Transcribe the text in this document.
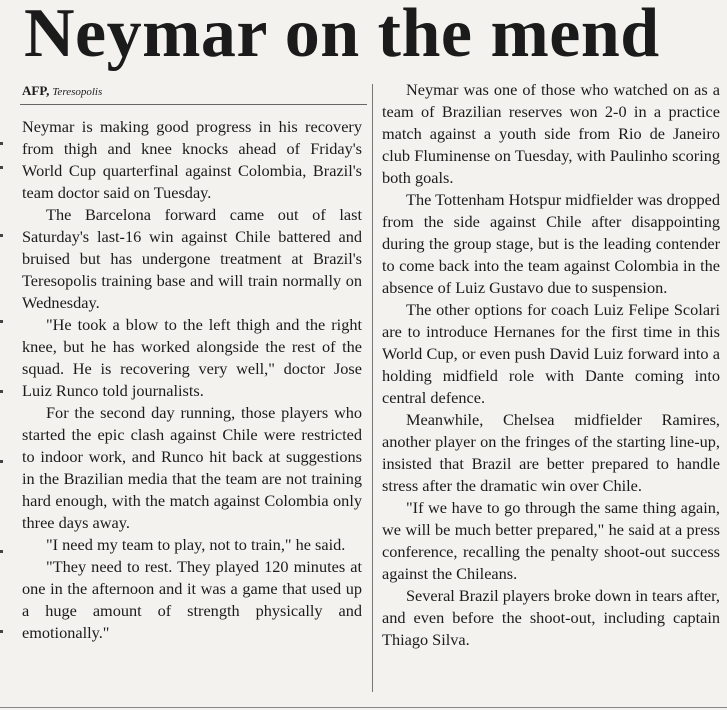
Neymar on the mend
AFP, Teresopolis

Neymar is making good progress in his recovery from thigh and knee knocks ahead of Friday's World Cup quarterfinal against Colombia, Brazil's team doctor said on Tuesday.

The Barcelona forward came out of last Saturday's last-16 win against Chile battered and bruised but has undergone treatment at Brazil's Teresopolis training base and will train normally on Wednesday.

"He took a blow to the left thigh and the right knee, but he has worked alongside the rest of the squad. He is recovering very well," doctor Jose Luiz Runco told journalists.

For the second day running, those players who started the epic clash against Chile were restricted to indoor work, and Runco hit back at suggestions in the Brazilian media that the team are not training hard enough, with the match against Colombia only three days away.

"I need my team to play, not to train," he said.

"They need to rest. They played 120 minutes at one in the afternoon and it was a game that used up a huge amount of strength physically and emotionally."

Neymar was one of those who watched on as a team of Brazilian reserves won 2-0 in a practice match against a youth side from Rio de Janeiro club Fluminense on Tuesday, with Paulinho scoring both goals.

The Tottenham Hotspur midfielder was dropped from the side against Chile after disappointing during the group stage, but is the leading contender to come back into the team against Colombia in the absence of Luiz Gustavo due to suspension.

The other options for coach Luiz Felipe Scolari are to introduce Hernanes for the first time in this World Cup, or even push David Luiz forward into a holding midfield role with Dante coming into central defence.

Meanwhile, Chelsea midfielder Ramires, another player on the fringes of the starting line-up, insisted that Brazil are better prepared to handle stress after the dramatic win over Chile.

"If we have to go through the same thing again, we will be much better prepared," he said at a press conference, recalling the penalty shoot-out success against the Chileans.

Several Brazil players broke down in tears after, and even before the shoot-out, including captain Thiago Silva.
